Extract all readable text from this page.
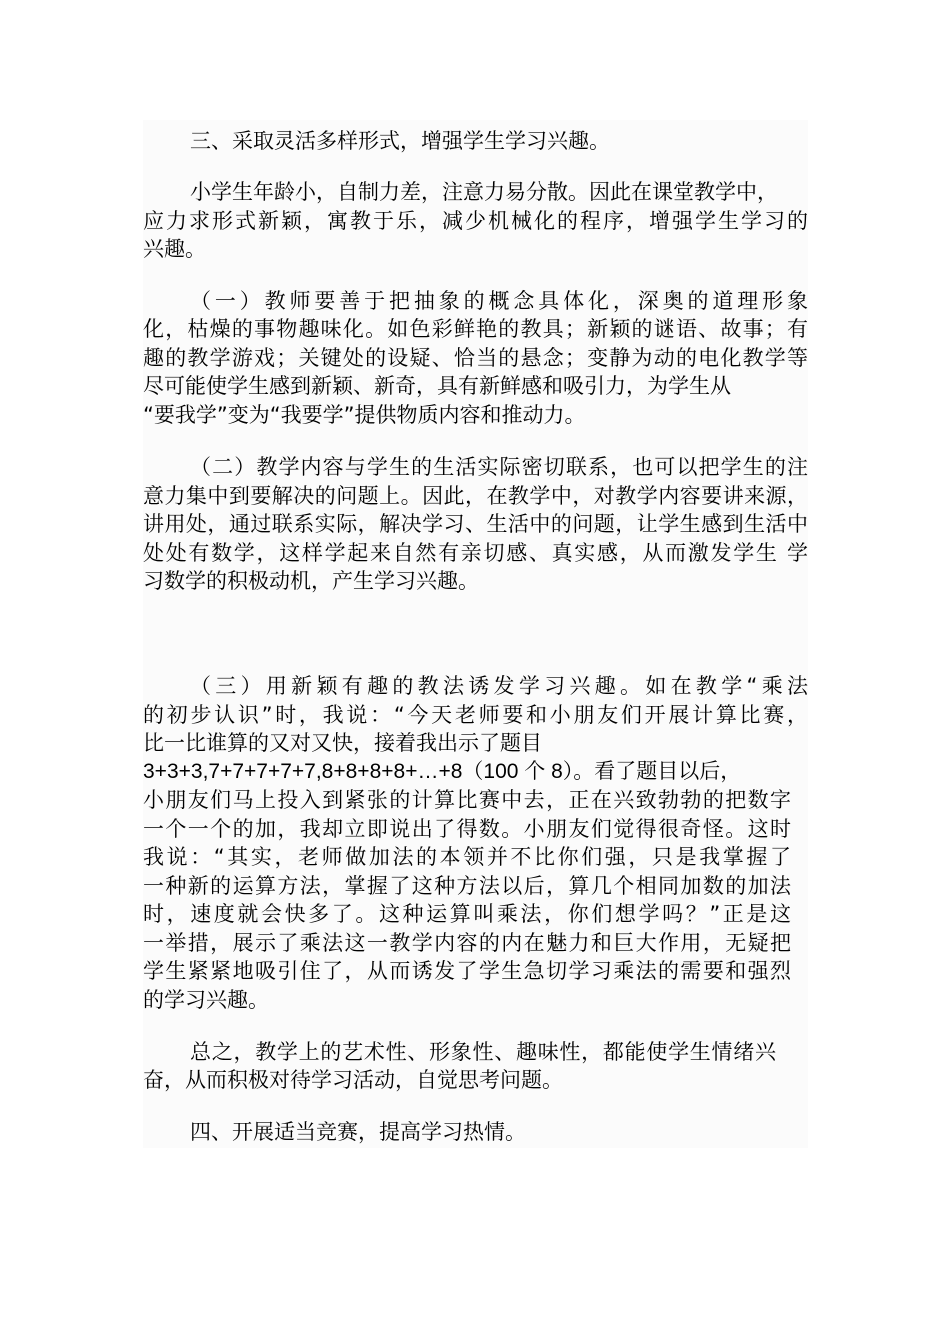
三、采取灵活多样形式，增强学生学习兴趣。
小学生年龄小，自制力差，注意力易分散。因此在课堂教学中，
应力求形式新颖，寓教于乐，减少机械化的程序，增强学生学习的
兴趣。
（一）教师要善于把抽象的概念具体化，深奥的道理形象
化，枯燥的事物趣味化。如色彩鲜艳的教具；新颖的谜语、故事；有
趣的教学游戏；关键处的设疑、恰当的悬念；变静为动的电化教学等
尽可能使学生感到新颖、新奇，具有新鲜感和吸引力，为学生从
“要我学”变为“我要学”提供物质内容和推动力。
（二）教学内容与学生的生活实际密切联系，也可以把学生的注
意力集中到要解决的问题上。因此，在教学中，对教学内容要讲来源，
讲用处，通过联系实际，解决学习、生活中的问题，让学生感到生活中
处处有数学，这样学起来自然有亲切感、真实感，从而激发学生 学
习数学的积极动机，产生学习兴趣。
（三）用新颖有趣的教法诱发学习兴趣。如在教学“乘法
的初步认识”时，我说：“今天老师要和小朋友们开展计算比赛，
比一比谁算的又对又快，接着我出示了题目
3+3+3,7+7+7+7+7,8+8+8+8+…+8（100 个 8）。看了题目以后，
小朋友们马上投入到紧张的计算比赛中去，正在兴致勃勃的把数字
一个一个的加，我却立即说出了得数。小朋友们觉得很奇怪。这时
我说：“其实，老师做加法的本领并不比你们强，只是我掌握了
一种新的运算方法，掌握了这种方法以后，算几个相同加数的加法
时，速度就会快多了。这种运算叫乘法，你们想学吗？”正是这
一举措，展示了乘法这一教学内容的内在魅力和巨大作用，无疑把
学生紧紧地吸引住了，从而诱发了学生急切学习乘法的需要和强烈
的学习兴趣。
总之，教学上的艺术性、形象性、趣味性，都能使学生情绪兴
奋，从而积极对待学习活动，自觉思考问题。
四、开展适当竞赛，提高学习热情。
